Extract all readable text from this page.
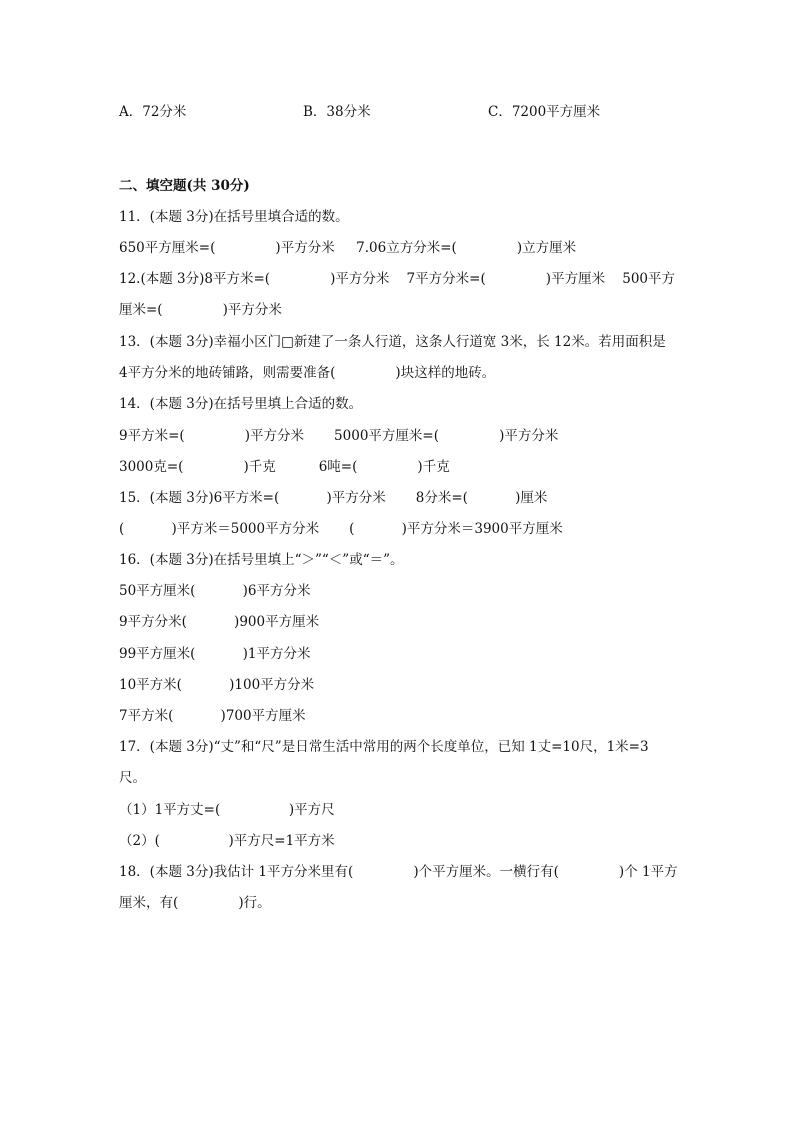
A．72分米	B．38分米	C．7200平方厘米
二、填空题(共 30分)
11．(本题 3分)在括号里填合适的数。
650平方厘米=(              )平方分米     7.06立方分米=(              )立方厘米
12.(本题 3分)8平方米=(              )平方分米    7平方分米=(              )平方厘米    500平方
厘米=(              )平方分米
13．(本题 3分)幸福小区门□新建了一条人行道，这条人行道宽 3米，长 12米。若用面积是
4平方分米的地砖铺路，则需要准备(              )块这样的地砖。
14．(本题 3分)在括号里填上合适的数。
9平方米=(              )平方分米       5000平方厘米=(              )平方分米
3000克=(              )千克          6吨=(              )千克
15．(本题 3分)6平方米=(           )平方分米       8分米=(           )厘米
(           )平方米＝5000平方分米       (           )平方分米＝3900平方厘米
16．(本题 3分)在括号里填上“＞”“＜”或“＝”。
50平方厘米(           )6平方分米
9平方分米(           )900平方厘米
99平方厘米(           )1平方分米
10平方米(           )100平方分米
7平方米(           )700平方厘米
17．(本题 3分)“丈”和“尺”是日常生活中常用的两个长度单位，已知 1丈=10尺，1米=3
尺。
（1）1平方丈=(                )平方尺
（2）(                )平方尺=1平方米
18．(本题 3分)我估计 1平方分米里有(              )个平方厘米。一横行有(              )个 1平方
厘米，有(              )行。
